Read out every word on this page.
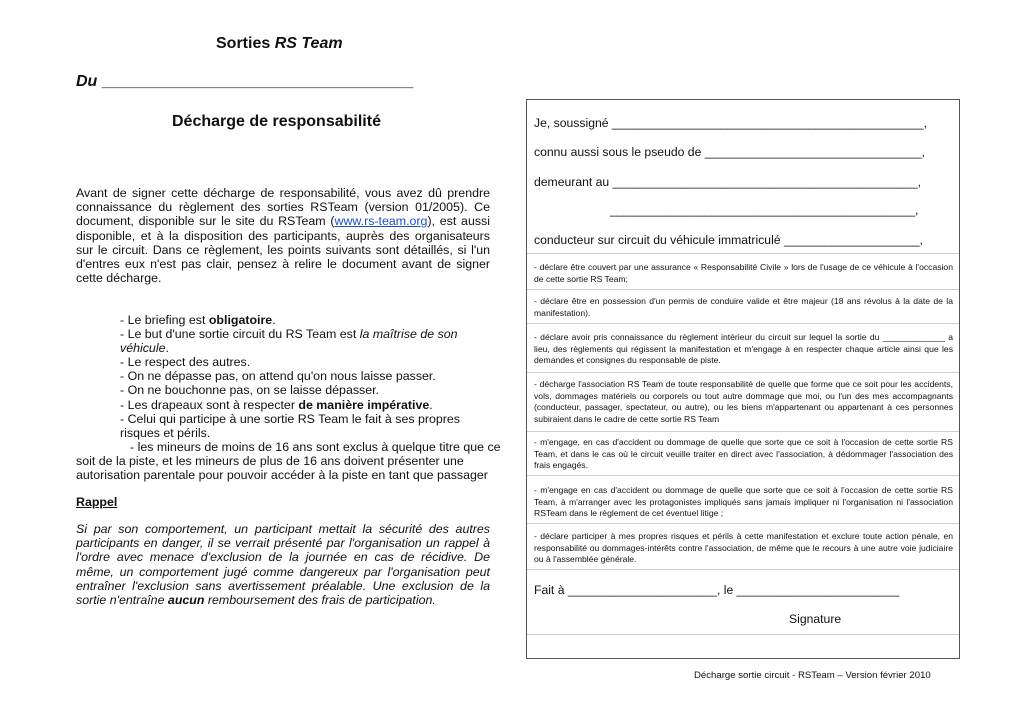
Sorties RS Team
Du ___________________________________
Décharge de responsabilité
Avant de signer cette décharge de responsabilité, vous avez dû prendre connaissance du règlement des sorties RSTeam (version 01/2005). Ce document, disponible sur le site du RSTeam (www.rs-team.org), est aussi disponible, et à la disposition des participants, auprès des organisateurs sur le circuit. Dans ce règlement, les points suivants sont détaillés, si l'un d'entres eux n'est pas clair, pensez à relire le document avant de signer cette décharge.
- Le briefing est obligatoire.
- Le but d'une sortie circuit du RS Team est la maîtrise de son
véhicule.
- Le respect des autres.
- On ne dépasse pas, on attend qu'on nous laisse passer.
- On ne bouchonne pas, on se laisse dépasser.
- Les drapeaux sont à respecter de manière impérative.
- Celui qui participe à une sortie RS Team le fait à ses propres
risques et périls.
- les mineurs de moins de 16 ans sont exclus à quelque titre que ce
soit de la piste, et les mineurs de plus de 16 ans doivent présenter une
autorisation parentale pour pouvoir accéder à la piste en tant que passager
Rappel
Si par son comportement, un participant mettait la sécurité des autres participants en danger, il se verrait présenté par l'organisation un rappel à l'ordre avec menace d'exclusion de la journée en cas de récidive. De même, un comportement jugé comme dangereux par l'organisation peut entraîner l'exclusion sans avertissement préalable. Une exclusion de la sortie n'entraîne aucun remboursement des frais de participation.
Je, soussigné ______________________________________________,
connu aussi sous le pseudo de ________________________________,
demeurant au _____________________________________________,
_____________________________________________,
conducteur sur circuit du véhicule immatriculé ____________________,
- déclare être couvert par une assurance « Responsabilité Civile » lors de l'usage de ce véhicule à l'occasion de cette sortie RS Team;
- déclare être en possession d'un permis de conduire valide et être majeur (18 ans révolus à la date de la manifestation).
- déclare avoir pris connaissance du règlement intérieur du circuit sur lequel la sortie du _____________ a lieu, des règlements qui régissent la manifestation et m'engage à en respecter chaque article ainsi que les demandes et consignes du responsable de piste.
- décharge l'association RS Team de toute responsabilité de quelle que forme que ce soit pour les accidents, vols, dommages matériels ou corporels ou tout autre dommage que moi, ou l'un des mes accompagnants (conducteur, passager, spectateur, ou autre), ou les biens m'appartenant ou appartenant à ces personnes subiraient dans le cadre de cette sortie RS Team
- m'engage, en cas d'accident ou dommage de quelle que sorte que ce soit à l'occasion de cette sortie RS Team, et dans le cas où le circuit veuille traiter en direct avec l'association, à dédommager l'association des frais engagés.
- m'engage en cas d'accident ou dommage de quelle que sorte que ce soit à l'occasion de cette sortie RS Team, à m'arranger avec les protagonistes impliqués sans jamais impliquer ni l'organisation ni l'association RSTeam dans le règlement de cet éventuel litige ;
- déclare participer à mes propres risques et périls à cette manifestation et exclure toute action pénale, en responsabilité ou dommages-intérêts contre l'association, de même que le recours à une autre voie judiciaire ou à l'assemblée générale.
Fait à ______________________, le ________________________
Signature
Décharge sortie circuit - RSTeam – Version février 2010
